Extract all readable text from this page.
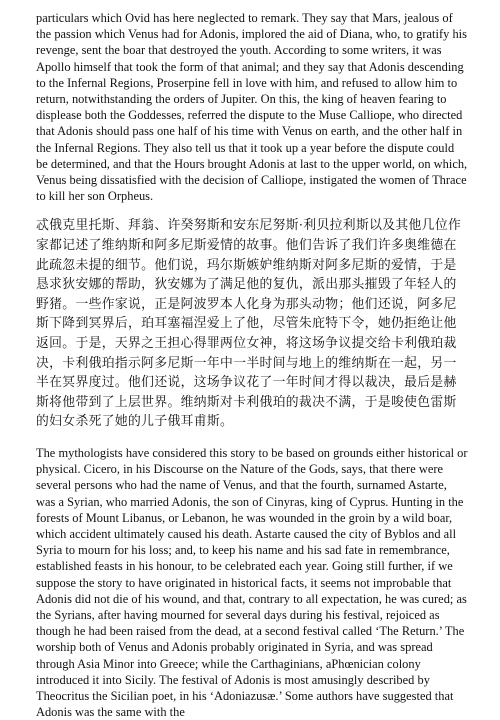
particulars which Ovid has here neglected to remark. They say that Mars, jealous of the passion which Venus had for Adonis, implored the aid of Diana, who, to gratify his revenge, sent the boar that destroyed the youth. According to some writers, it was Apollo himself that took the form of that animal; and they say that Adonis descending to the Infernal Regions, Proserpine fell in love with him, and refused to allow him to return, notwithstanding the orders of Jupiter. On this, the king of heaven fearing to displease both the Goddesses, referred the dispute to the Muse Calliope, who directed that Adonis should pass one half of his time with Venus on earth, and the other half in the Infernal Regions. They also tell us that it took up a year before the dispute could be determined, and that the Hours brought Adonis at last to the upper world, on which, Venus being dissatisfied with the decision of Calliope, instigated the women of Thrace to kill her son Orpheus.

忒俄克里托斯、拜翁、许癸努斯和安东尼努斯·利贝拉利斯以及其他几位作家都记述了维纳斯和阿多尼斯爱情的故事。他们告诉了我们许多奥维德在此疏忽未提的细节。他们说，玛尔斯嫉妒维纳斯对阿多尼斯的爱情，于是恳求狄安娜的帮助，狄安娜为了满足他的复仇，派出那头摧毁了年轻人的野猪。一些作家说，正是阿波罗本人化身为那头动物；他们还说，阿多尼斯下降到冥界后，珀耳塞福涅爱上了他，尽管朱庇特下令，她仍拒绝让他返回。于是，天界之王担心得罪两位女神，将这场争议提交给卡利俄珀裁决，卡利俄珀指示阿多尼斯一年中一半时间与地上的维纳斯在一起，另一半在冥界度过。他们还说，这场争议花了一年时间才得以裁决，最后是赫斯将他带到了上层世界。维纳斯对卡利俄珀的裁决不满，于是唆使色雷斯的妇女杀死了她的儿子俄耳甫斯。

The mythologists have considered this story to be based on grounds either historical or physical. Cicero, in his Discourse on the Nature of the Gods, says, that there were several persons who had the name of Venus, and that the fourth, surnamed Astarte, was a Syrian, who married Adonis, the son of Cinyras, king of Cyprus. Hunting in the forests of Mount Libanus, or Lebanon, he was wounded in the groin by a wild boar, which accident ultimately caused his death. Astarte caused the city of Byblos and all Syria to mourn for his loss; and, to keep his name and his sad fate in remembrance, established feasts in his honour, to be celebrated each year. Going still further, if we suppose the story to have originated in historical facts, it seems not improbable that Adonis did not die of his wound, and that, contrary to all expectation, he was cured; as the Syrians, after having mourned for several days during his festival, rejoiced as though he had been raised from the dead, at a second festival called ‘The Return.’ The worship both of Venus and Adonis probably originated in Syria, and was spread through Asia Minor into Greece; while the Carthaginians, aPhœnician colony introduced it into Sicily. The festival of Adonis is most amusingly described by Theocritus the Sicilian poet, in his ‘Adoniazusæ.’ Some authors have suggested that Adonis was the same with the
